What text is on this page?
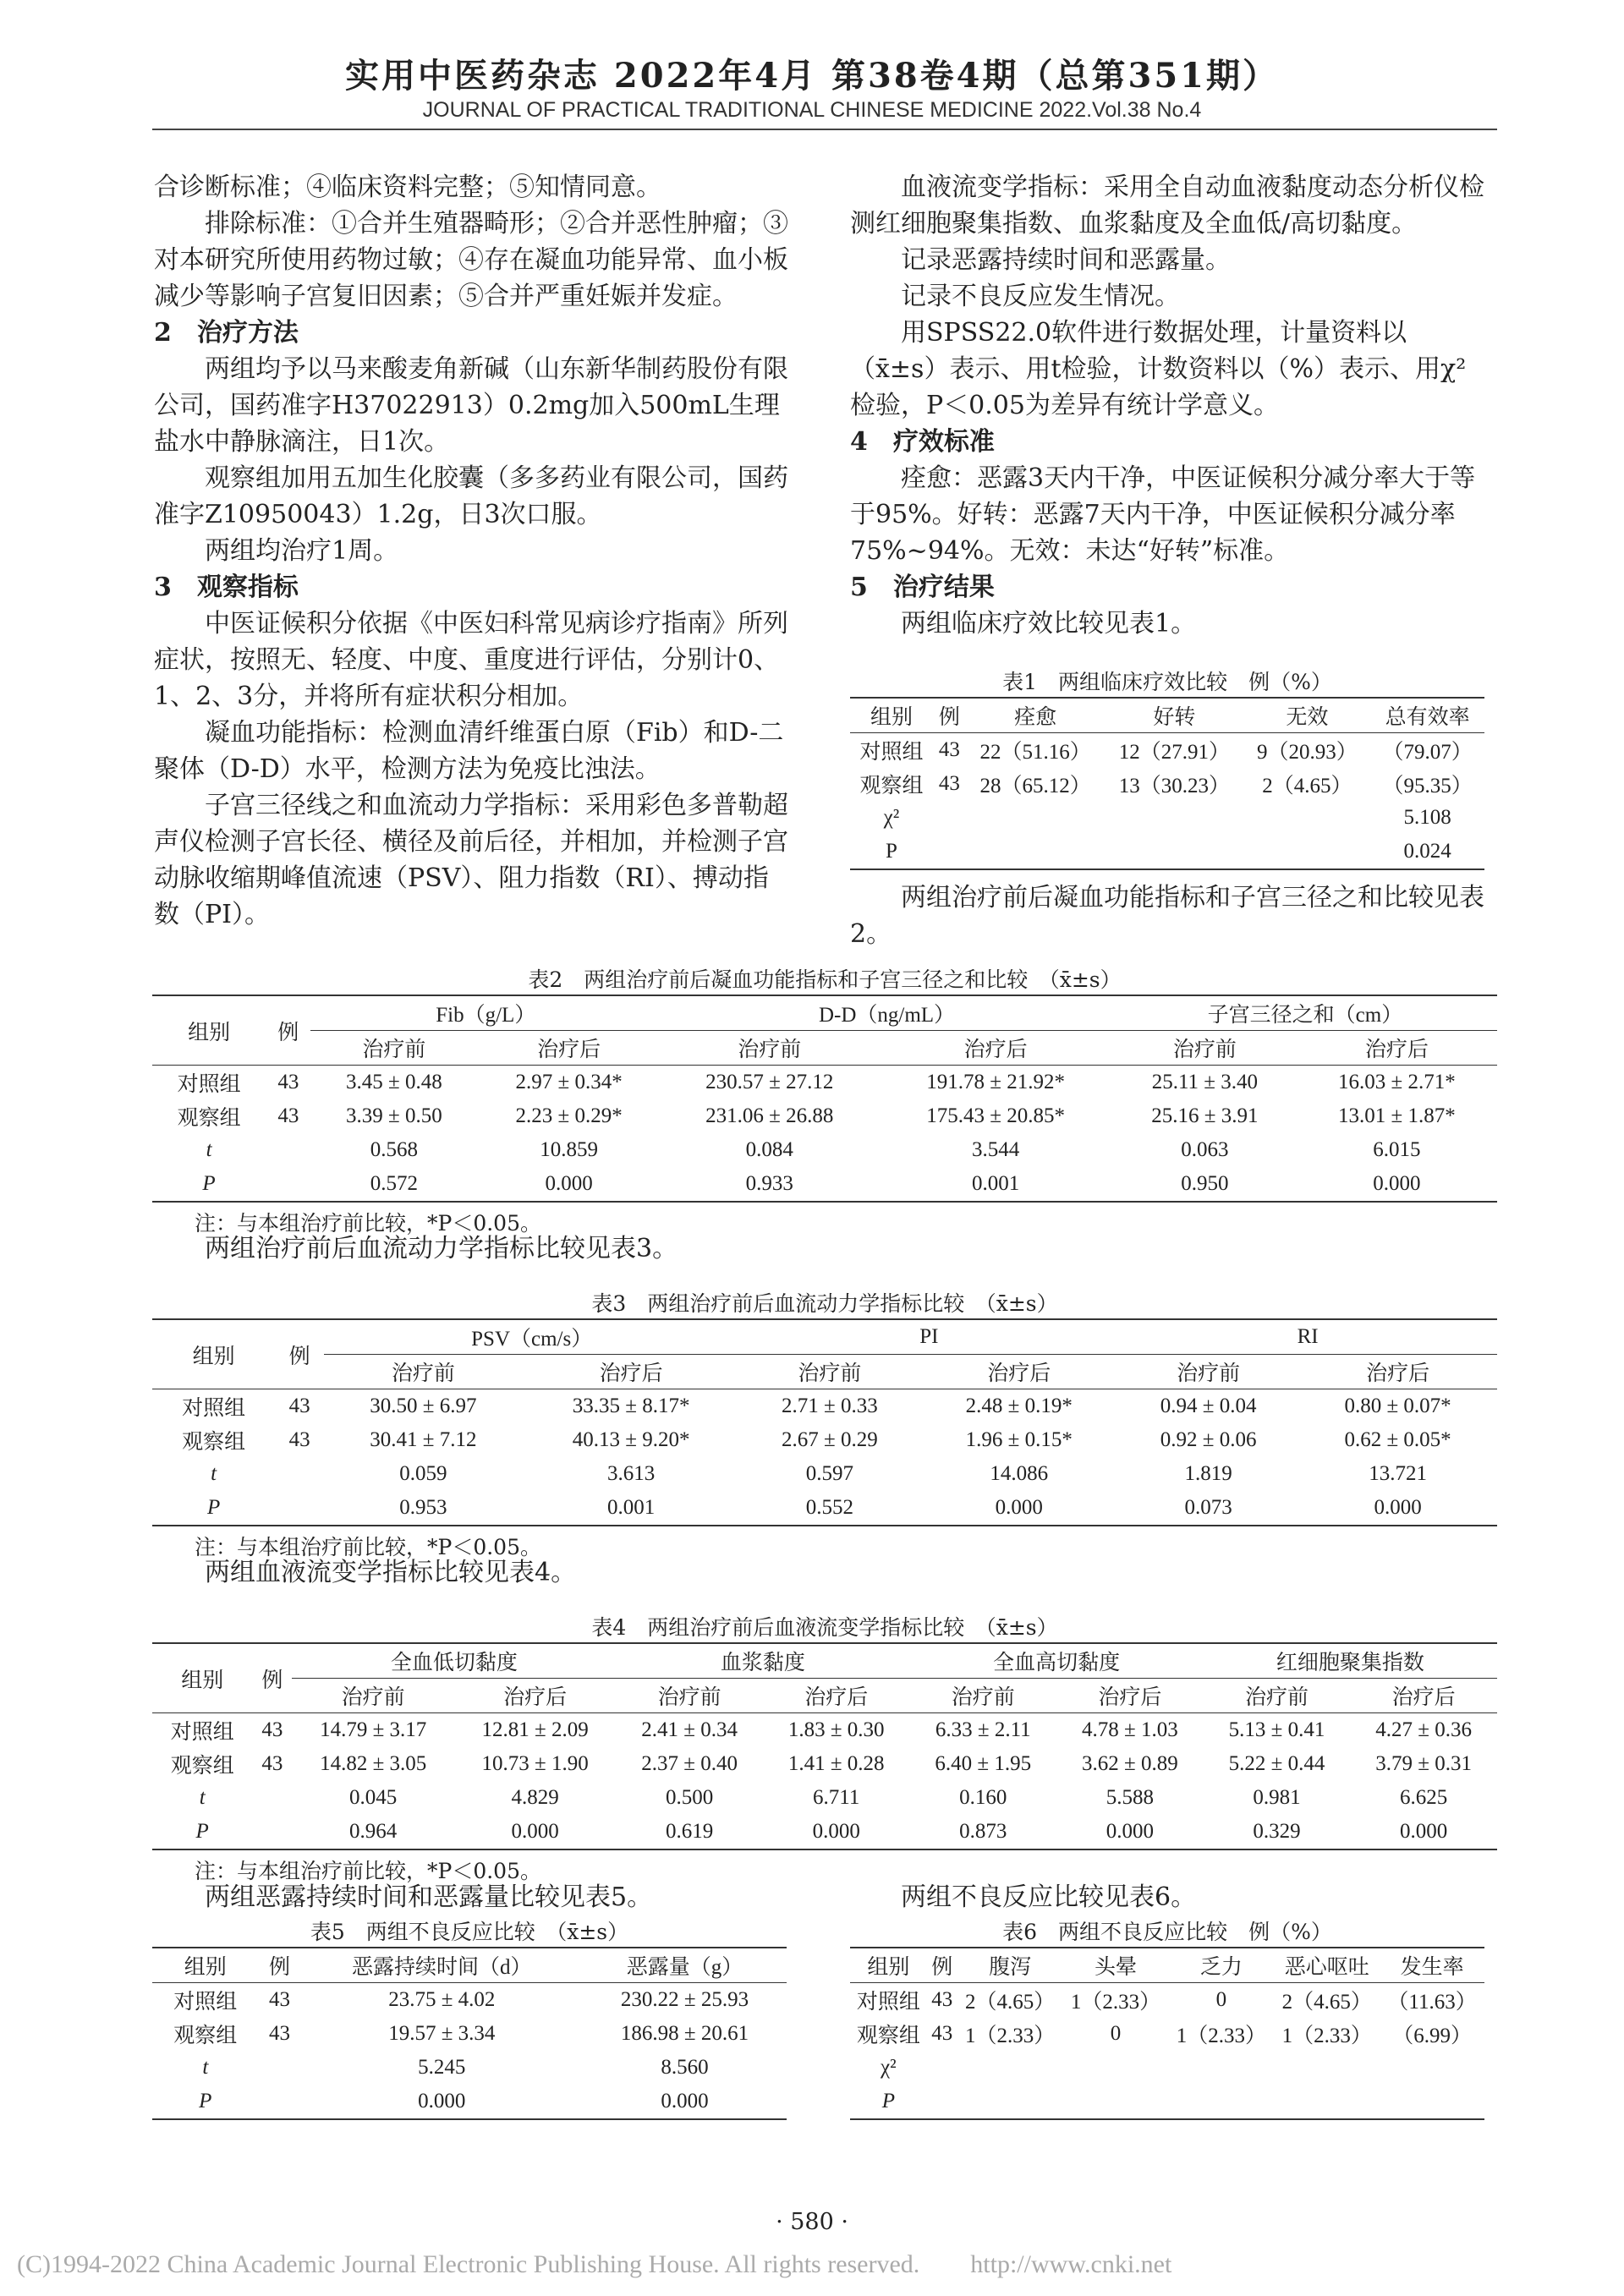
实用中医药杂志 2022年4月 第38卷4期（总第351期）
JOURNAL OF PRACTICAL TRADITIONAL CHINESE MEDICINE 2022.Vol.38 No.4

合诊断标准；④临床资料完整；⑤知情同意。

排除标准：①合并生殖器畸形；②合并恶性肿瘤；③对本研究所使用药物过敏；④存在凝血功能异常、血小板减少等影响子宫复旧因素；⑤合并严重妊娠并发症。

2　治疗方法

两组均予以马来酸麦角新碱（山东新华制药股份有限公司，国药准字H37022913）0.2mg加入500mL生理盐水中静脉滴注，日1次。

观察组加用五加生化胶囊（多多药业有限公司，国药准字Z10950043）1.2g，日3次口服。

两组均治疗1周。

3　观察指标

中医证候积分依据《中医妇科常见病诊疗指南》所列症状，按照无、轻度、中度、重度进行评估，分别计0、1、2、3分，并将所有症状积分相加。

凝血功能指标：检测血清纤维蛋白原（Fib）和D-二聚体（D-D）水平，检测方法为免疫比浊法。

子宫三径线之和血流动力学指标：采用彩色多普勒超声仪检测子宫长径、横径及前后径，并相加，并检测子宫动脉收缩期峰值流速（PSV）、阻力指数（RI）、搏动指数（PI）。

血液流变学指标：采用全自动血液黏度动态分析仪检测红细胞聚集指数、血浆黏度及全血低/高切黏度。

记录恶露持续时间和恶露量。

记录不良反应发生情况。

用SPSS22.0软件进行数据处理，计量资料以（x̄±s）表示、用t检验，计数资料以（%）表示、用χ²检验，P＜0.05为差异有统计学意义。

4　疗效标准

痊愈：恶露3天内干净，中医证候积分减分率大于等于95%。好转：恶露7天内干净，中医证候积分减分率75%~94%。无效：未达“好转”标准。

5　治疗结果

两组临床疗效比较见表1。

表1　两组临床疗效比较　例（%）
组别	例	痊愈	好转	无效	总有效率
对照组	43	22（51.16）	12（27.91）	9（20.93）	（79.07）
观察组	43	28（65.12）	13（30.23）	2（4.65）	（95.35）
χ²					5.108
P					0.024

两组治疗前后凝血功能指标和子宫三径之和比较见表2。

表2　两组治疗前后凝血功能指标和子宫三径之和比较　（x̄±s）
组别	例	Fib（g/L）		D-D（ng/mL）		子宫三径之和（cm）	
		治疗前	治疗后	治疗前	治疗后	治疗前	治疗后
对照组	43	3.45 ± 0.48	2.97 ± 0.34*	230.57 ± 27.12	191.78 ± 21.92*	25.11 ± 3.40	16.03 ± 2.71*
观察组	43	3.39 ± 0.50	2.23 ± 0.29*	231.06 ± 26.88	175.43 ± 20.85*	25.16 ± 3.91	13.01 ± 1.87*
t		0.568	10.859	0.084	3.544	0.063	6.015
P		0.572	0.000	0.933	0.001	0.950	0.000
注：与本组治疗前比较，*P＜0.05。

两组治疗前后血流动力学指标比较见表3。

表3　两组治疗前后血流动力学指标比较　（x̄±s）
组别	例	PSV（cm/s）		PI		RI	
		治疗前	治疗后	治疗前	治疗后	治疗前	治疗后
对照组	43	30.50 ± 6.97	33.35 ± 8.17*	2.71 ± 0.33	2.48 ± 0.19*	0.94 ± 0.04	0.80 ± 0.07*
观察组	43	30.41 ± 7.12	40.13 ± 9.20*	2.67 ± 0.29	1.96 ± 0.15*	0.92 ± 0.06	0.62 ± 0.05*
t		0.059	3.613	0.597	14.086	1.819	13.721
P		0.953	0.001	0.552	0.000	0.073	0.000
注：与本组治疗前比较，*P＜0.05。

两组血液流变学指标比较见表4。

表4　两组治疗前后血液流变学指标比较　（x̄±s）
组别	例	全血低切黏度		血浆黏度		全血高切黏度		红细胞聚集指数	
		治疗前	治疗后	治疗前	治疗后	治疗前	治疗后	治疗前	治疗后
对照组	43	14.79 ± 3.17	12.81 ± 2.09	2.41 ± 0.34	1.83 ± 0.30	6.33 ± 2.11	4.78 ± 1.03	5.13 ± 0.41	4.27 ± 0.36
观察组	43	14.82 ± 3.05	10.73 ± 1.90	2.37 ± 0.40	1.41 ± 0.28	6.40 ± 1.95	3.62 ± 0.89	5.22 ± 0.44	3.79 ± 0.31
t		0.045	4.829	0.500	6.711	0.160	5.588	0.981	6.625
P		0.964	0.000	0.619	0.000	0.873	0.000	0.329	0.000
注：与本组治疗前比较，*P＜0.05。

两组恶露持续时间和恶露量比较见表5。

表5　两组不良反应比较　（x̄±s）
组别	例	恶露持续时间（d）	恶露量（g）
对照组	43	23.75 ± 4.02	230.22 ± 25.93
观察组	43	19.57 ± 3.34	186.98 ± 20.61
t		5.245	8.560
P		0.000	0.000

两组不良反应比较见表6。

表6　两组不良反应比较　例（%）
组别	例	腹泻	头晕	乏力	恶心呕吐	发生率
对照组	43	2（4.65）	1（2.33）	0	2（4.65）	（11.63）
观察组	43	1（2.33）	0	1（2.33）	1（2.33）	（6.99）
χ²						
P						
· 580 ·
(C)1994-2022 China Academic Journal Electronic Publishing House. All rights reserved.　　http://www.cnki.net
